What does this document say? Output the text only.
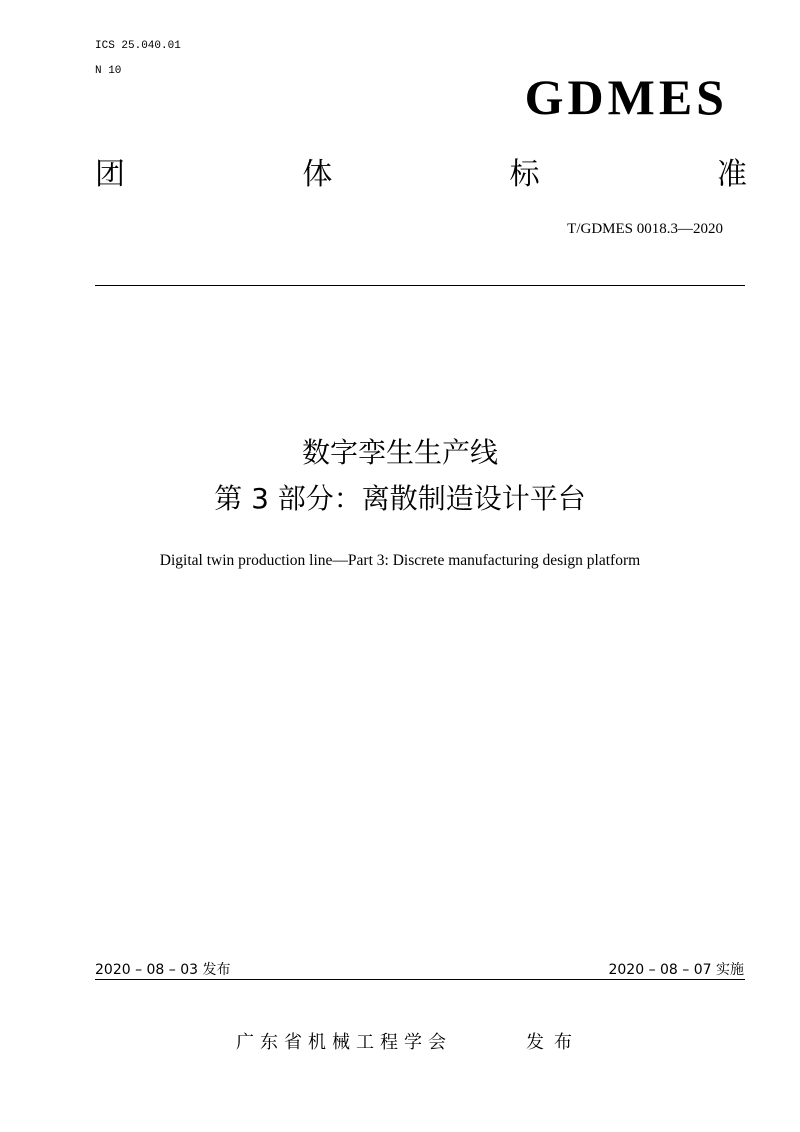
ICS 25.040.01
N 10	GDMES
团	体	标	准
T/GDMES 0018.3—2020
数字孪生生产线
第 3 部分：离散制造设计平台
Digital twin production line—Part 3: Discrete manufacturing design platform
2020 – 08 – 03 发布	2020 – 08 – 07 实施
广东省机械工程学会	发布
